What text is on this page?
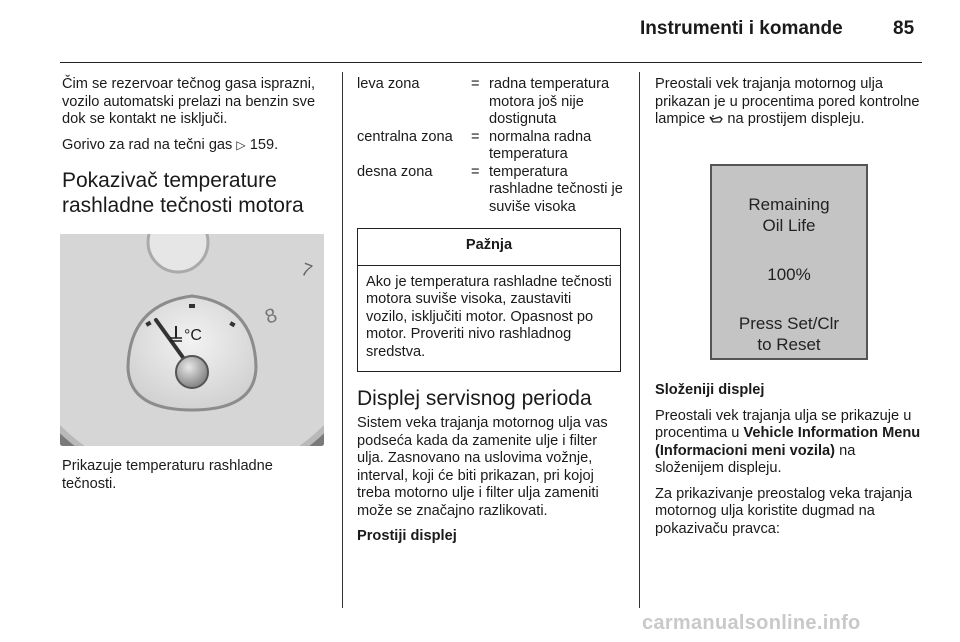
Instrumenti i komande	85

Čim se rezervoar tečnog gasa isprazni, vozilo automatski prelazi na benzin sve dok se kontakt ne isključi.

Gorivo za rad na tečni gas ▷ 159.

Pokazivač temperature rashladne tečnosti motora
7
8
°C

Prikazuje temperaturu rashladne tečnosti.

leva zona	=	radna temperatura motora još nije dostignuta
centralna zona	=	normalna radna temperatura
desna zona	=	temperatura rashladne tečnosti je suviše visoka
Pažnja
Ako je temperatura rashladne tečnosti motora suviše visoka, zaustaviti vozilo, isključiti motor. Opasnost po motor. Proveriti nivo rashladnog sredstva.
Displej servisnog perioda

Sistem veka trajanja motornog ulja vas podseća kada da zamenite ulje i filter ulja. Zasnovano na uslovima vožnje, interval, koji će biti prikazan, pri kojoj treba motorno ulje i filter ulja zameniti može se značajno razlikovati.

Prostiji displej

Preostali vek trajanja motornog ulja prikazan je u procentima pored kontrolne lampice na prostijem displeju.

Remaining
Oil Life
100%
Press Set/Clr
to Reset

Složeniji displej

Preostali vek trajanja ulja se prikazuje u procentima u Vehicle Information Menu (Informacioni meni vozila) na složenijem displeju.

Za prikazivanje preostalog veka trajanja motornog ulja koristite dugmad na pokazivaču pravca:

carmanualsonline.info
